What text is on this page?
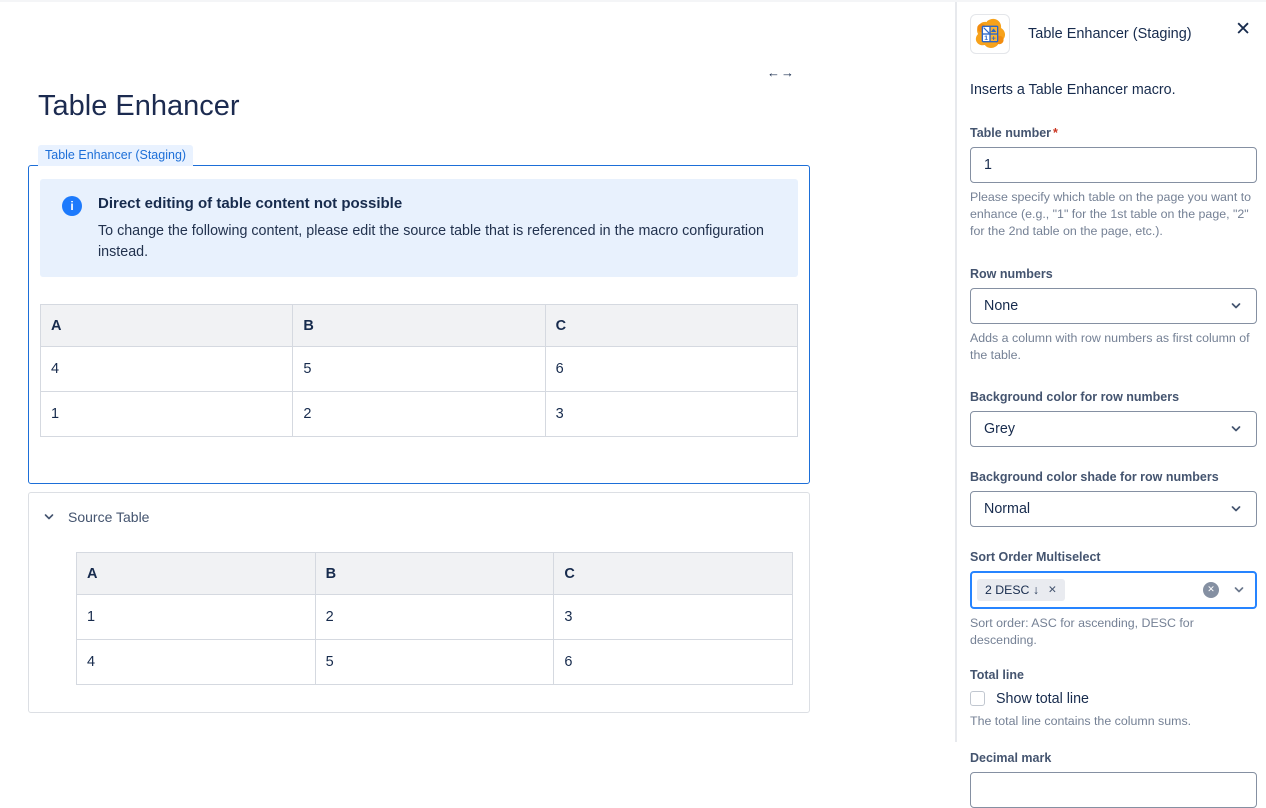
←→
Table Enhancer
Table Enhancer (Staging)
i	Direct editing of table content not possible
To change the following content, please edit the source table that is referenced in the macro configuration instead.
A	B	C
4	5	6
1	2	3
Source Table
A	B	C
1	2	3
4	5	6
1 + Table Enhancer (Staging)	✕
Inserts a Table Enhancer macro.
Table number *
1
Please specify which table on the page you want to enhance (e.g., "1" for the 1st table on the page, "2" for the 2nd table on the page, etc.).
Row numbers
None
Adds a column with row numbers as first column of the table.
Background color for row numbers
Grey
Background color shade for row numbers
Normal
Sort Order Multiselect
2 DESC ↓ ✕	✕
Sort order: ASC for ascending, DESC for descending.
Total line
Show total line
The total line contains the column sums.
Decimal mark
